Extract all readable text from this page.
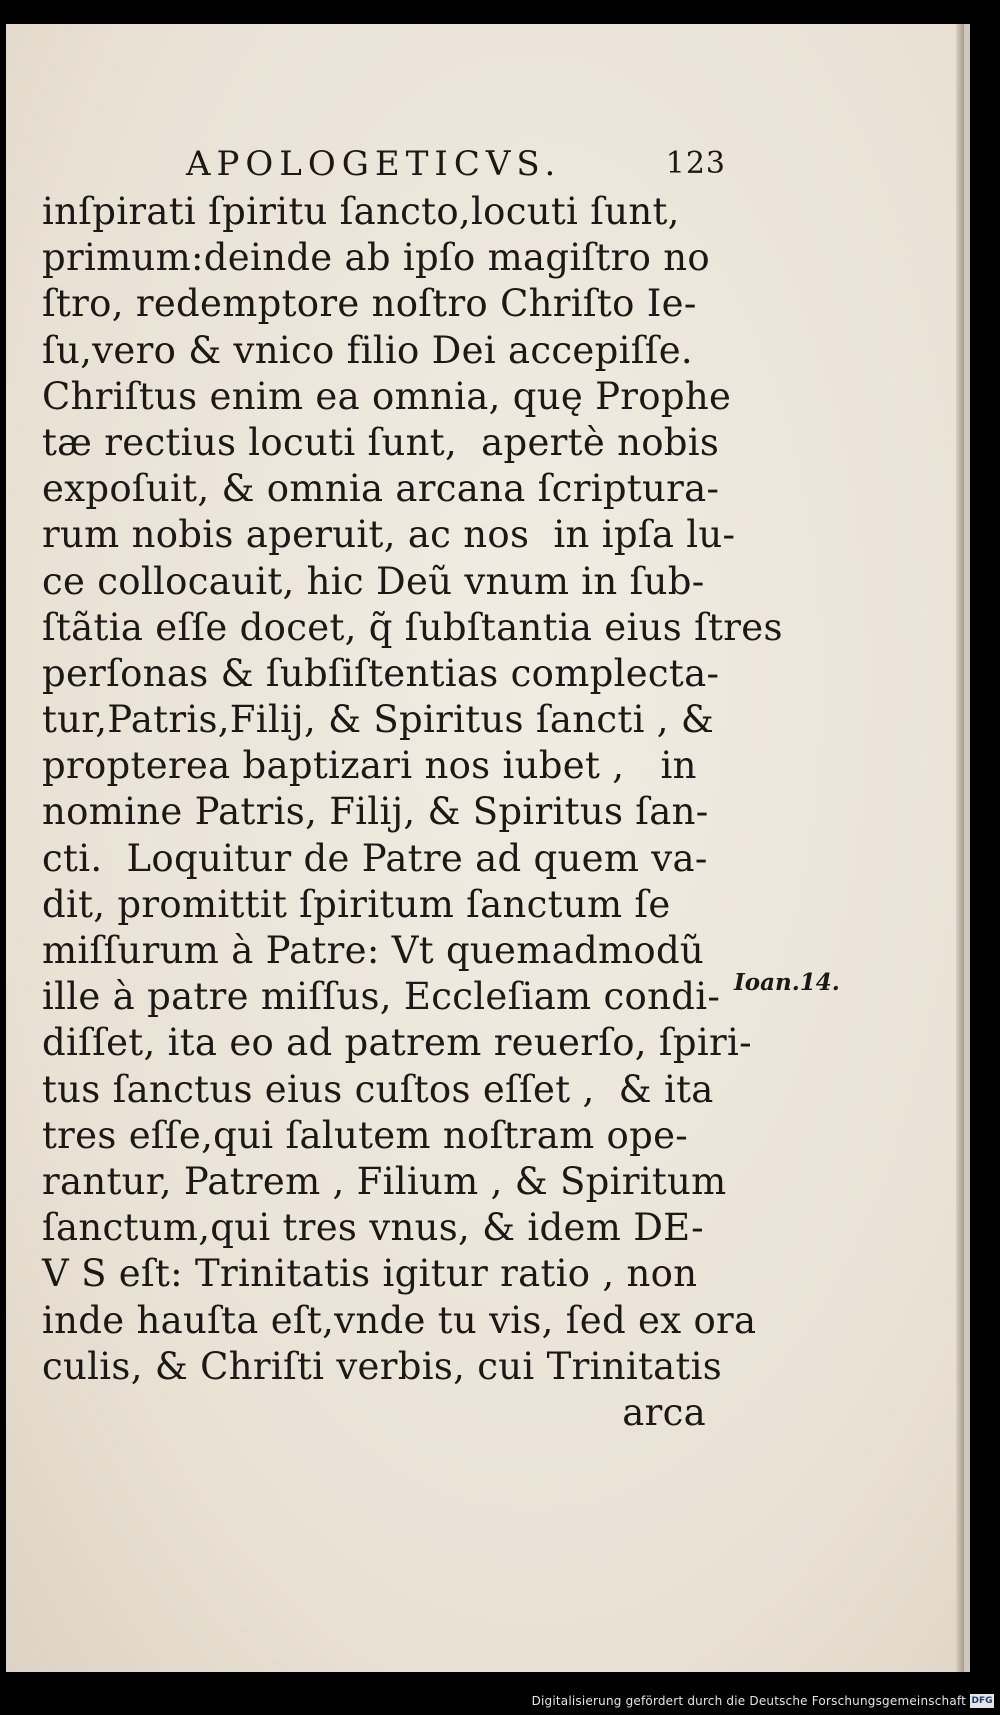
APOLOGETICVS.	123
inſpirati ſpiritu ſancto,locuti ſunt,
primum:deinde ab ipſo magiſtro no
ſtro, redemptore noſtro Chriſto Ie-
ſu,vero & vnico filio Dei accepiſſe.
Chriſtus enim ea omnia, quę Prophe
tæ rectius locuti ſunt,  apertè nobis
expoſuit, & omnia arcana ſcriptura-
rum nobis aperuit, ac nos  in ipſa lu-
ce collocauit, hic Deũ vnum in ſub-
ſtãtia eſſe docet, q̃ ſubſtantia eius ſtres
perſonas & ſubſiſtentias complecta-
tur,Patris,Filij, & Spiritus ſancti , &
propterea baptizari nos iubet ,   in
nomine Patris, Filij, & Spiritus ſan-
cti.  Loquitur de Patre ad quem va-
dit, promittit ſpiritum ſanctum ſe
miſſurum à Patre: Vt quemadmodũ
ille à patre miſſus, Eccleſiam condi-
diſſet, ita eo ad patrem reuerſo, ſpiri-
tus ſanctus eius cuſtos eſſet ,  & ita
tres eſſe,qui ſalutem noſtram ope-
rantur, Patrem , Filium , & Spiritum
ſanctum,qui tres vnus, & idem DE-
V S eſt: Trinitatis igitur ratio , non
inde hauſta eſt,vnde tu vis, ſed ex ora
culis, & Chriſti verbis, cui Trinitatis
arca
Ioan.14.
Digitalisierung gefördert durch die Deutsche Forschungsgemeinschaft DFG
